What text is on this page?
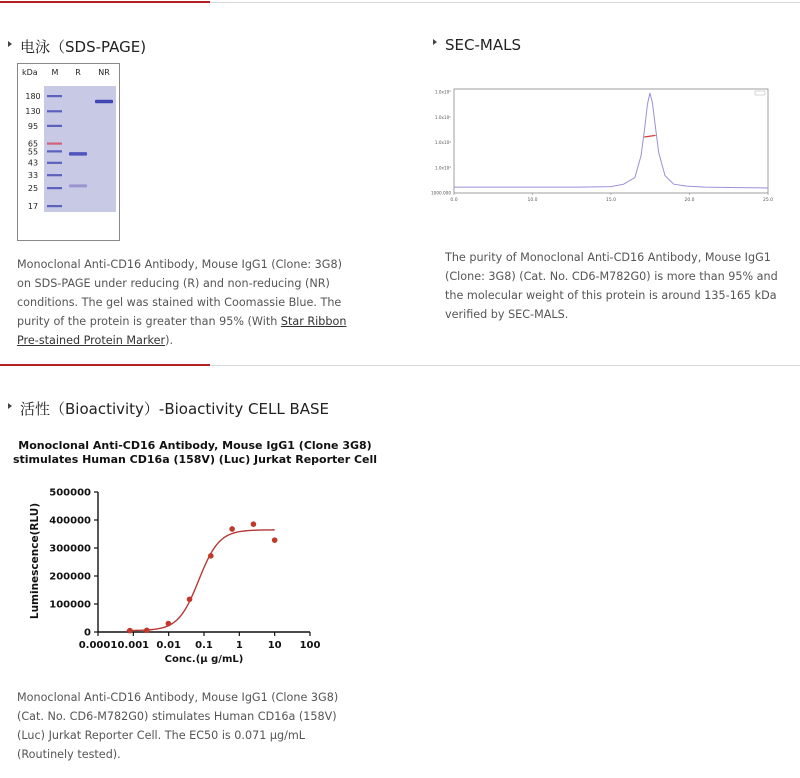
电泳（SDS-PAGE)
kDa M R NR
180
130
95
65
55
43
33
25
17
Monoclonal Anti-CD16 Antibody, Mouse IgG1 (Clone: 3G8) on SDS-PAGE under reducing (R) and non-reducing (NR) conditions. The gel was stained with Coomassie Blue. The purity of the protein is greater than 95% (With Star Ribbon Pre-stained Protein Marker).
SEC-MALS
0.0	10.0	15.0	20.0	25.0
1.0x10⁶
1.0x10⁵
1.0x10⁴
1.0x10³
1000.000
The purity of Monoclonal Anti-CD16 Antibody, Mouse IgG1 (Clone: 3G8) (Cat. No. CD6-M782G0) is more than 95% and the molecular weight of this protein is around 135-165 kDa verified by SEC-MALS.
活性（Bioactivity）-Bioactivity CELL BASE
Monoclonal Anti-CD16 Antibody, Mouse IgG1 (Clone 3G8)
stimulates Human CD16a (158V) (Luc) Jurkat Reporter Cell
Luminescence(RLU)
Conc.(μ g/mL)
0
100000
200000
300000
400000
500000
0.0001 0.001 0.01 0.1 1 10 100
Monoclonal Anti-CD16 Antibody, Mouse IgG1 (Clone 3G8) (Cat. No. CD6-M782G0) stimulates Human CD16a (158V) (Luc) Jurkat Reporter Cell. The EC50 is 0.071 μg/mL (Routinely tested).
